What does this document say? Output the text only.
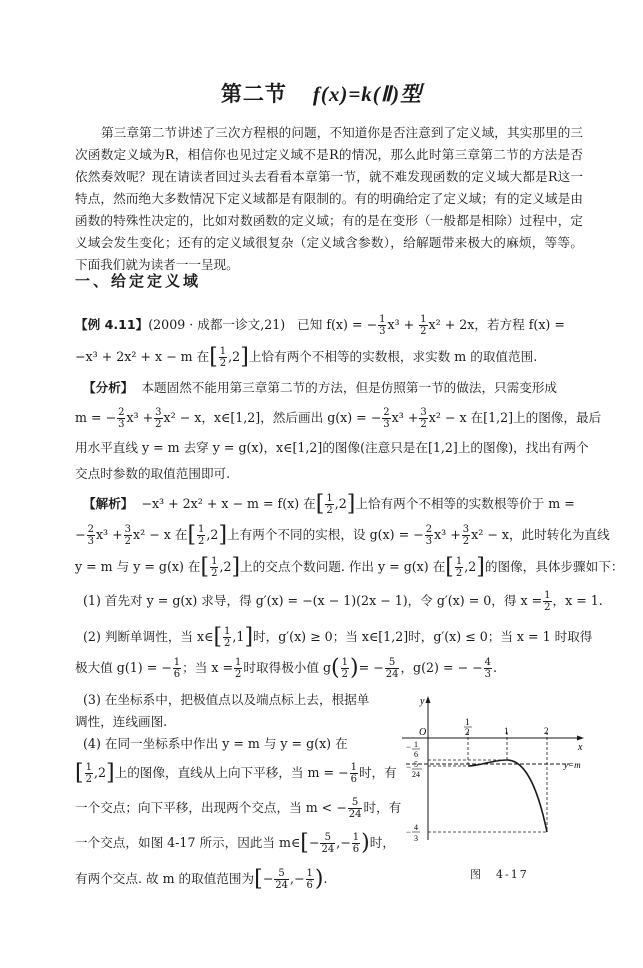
第二节 f(x)=k(Ⅱ)型
第三章第二节讲述了三次方程根的问题，不知道你是否注意到了定义域，其实那里的三次函数定义域为R，相信你也见过定义域不是R的情况，那么此时第三章第二节的方法是否依然奏效呢？现在请读者回过头去看看本章第一节，就不难发现函数的定义域大都是R这一特点，然而绝大多数情况下定义域都是有限制的。有的明确给定了定义域；有的定义域是由函数的特殊性决定的，比如对数函数的定义域；有的是在变形（一般都是相除）过程中，定义域会发生变化；还有的定义域很复杂（定义域含参数），给解题带来极大的麻烦，等等。下面我们就为读者一一呈现。
一、给定定义域
【例 4.11】(2009 · 成都一诊文,21) 已知 f(x) = − $\frac{1}{3} x^3 + \frac{1}{2} x^2 + 2x$，若方程 f(x) =
−x³ + 2x² + x − m 在[ $\frac{1}{2} ,2$]上恰有两个不相等的实数根，求实数 m 的取值范围.
【分析】 本题固然不能用第三章第二节的方法，但是仿照第一节的做法，只需变形成
m = − $\frac{2}{3} x^3 + \frac{3}{2} x^2 - x$，x∈[1,2]，然后画出 g(x) = − $\frac{2}{3} x^3 + \frac{3}{2} x^2 - x$ 在[1,2]上的图像，最后
用水平直线 y = m 去穿 y = g(x)，x∈[1,2]的图像(注意只是在[1,2]上的图像)，找出有两个
交点时参数的取值范围即可.
【解析】 −x³ + 2x² + x − m = f(x) 在[ $\frac{1}{2} ,2$]上恰有两个不相等的实数根等价于 m =
− $\frac{2}{3} x^3 + \frac{3}{2} x^2 - x$ 在[ $\frac{1}{2} ,2$]上有两个不同的实根，设 g(x) = − $\frac{2}{3} x^3 + \frac{3}{2} x^2 - x$，此时转化为直线
y = m 与 y = g(x) 在[ $\frac{1}{2} ,2$]上的交点个数问题. 作出 y = g(x) 在[ $\frac{1}{2} ,2$]的图像，具体步骤如下：
(1) 首先对 y = g(x) 求导，得 g′(x) = −(x − 1)(2x − 1)，令 g′(x) = 0，得 $x = \frac{1}{2}$ ，x = 1.
(2) 判断单调性，当 x∈[ $\frac{1}{2} ,1$]时，g′(x) ≥ 0；当 x∈[1,2]时，g′(x) ≤ 0；当 x = 1 时取得
极大值 g(1) = − $\frac{1}{6}$ ；当 $x = \frac{1}{2}$ 时取得极小值 $g( \frac{1}{2}$ )= − $\frac{5}{24}$ ，g(2) = − − $\frac{4}{3}$ .
(3) 在坐标系中，把极值点以及端点标上去，根据单
调性，连线画图.
(4) 在同一坐标系中作出 y = m 与 y = g(x) 在
[ $\frac{1}{2} ,2$]上的图像，直线从上向下平移，当 m = − $\frac{1}{6}$ 时，有
一个交点；向下平移，出现两个交点，当 m < − $\frac{5}{24}$ 时，有
一个交点，如图 4-17 所示，因此当 m∈[− $\frac{5}{24}$ ,− $\frac{1}{6}$ )时，
有两个交点. 故 m 的取值范围为[− $\frac{5}{24}$ ,− $\frac{1}{6}$ ).
y
x
O
1
2	1	2
− 1
6
− 5
24
− 4
3
y=m
图　4-17
